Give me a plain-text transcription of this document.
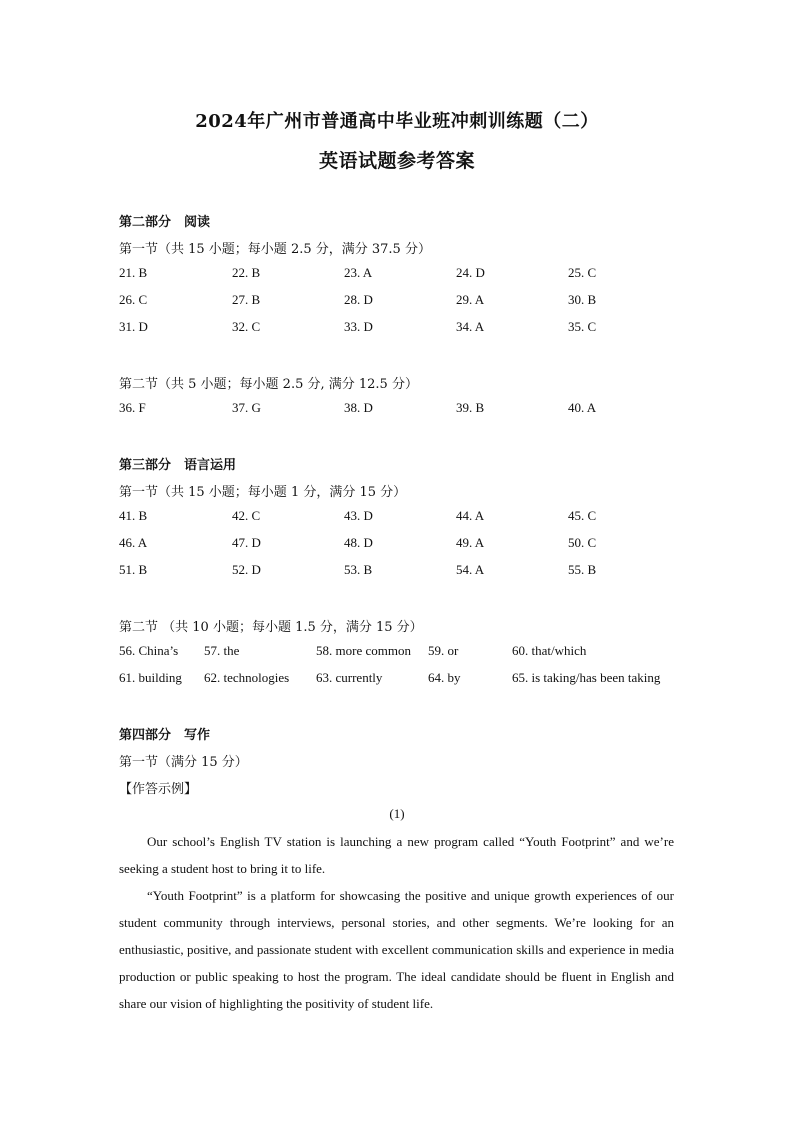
2024年广州市普通高中毕业班冲刺训练题（二）
英语试题参考答案
第二部分　阅读
第一节（共 15 小题；每小题 2.5 分，满分 37.5 分）
21. B	22. B	23. A	24. D	25. C
26. C	27. B	28. D	29. A	30. B
31. D	32. C	33. D	34. A	35. C
第二节（共 5 小题；每小题 2.5 分, 满分 12.5 分）
36. F	37. G	38. D	39. B	40. A
第三部分　语言运用
第一节（共 15 小题；每小题 1 分，满分 15 分）
41. B	42. C	43. D	44. A	45. C
46. A	47. D	48. D	49. A	50. C
51. B	52. D	53. B	54. A	55. B
第二节 （共 10 小题；每小题 1.5 分，满分 15 分）
56. China’s 57. the	58. more common 59. or	60. that/which
61. building 62. technologies 63. currently	64. by	65. is taking/has been taking
第四部分　写作
第一节（满分 15 分）
【作答示例】
(1)

Our school’s English TV station is launching a new program called “Youth Footprint” and we’re seeking a student host to bring it to life.

“Youth Footprint” is a platform for showcasing the positive and unique growth experiences of our student community through interviews, personal stories, and other segments. We’re looking for an enthusiastic, positive, and passionate student with excellent communication skills and experience in media production or public speaking to host the program. The ideal candidate should be fluent in English and share our vision of highlighting the positivity of student life.
